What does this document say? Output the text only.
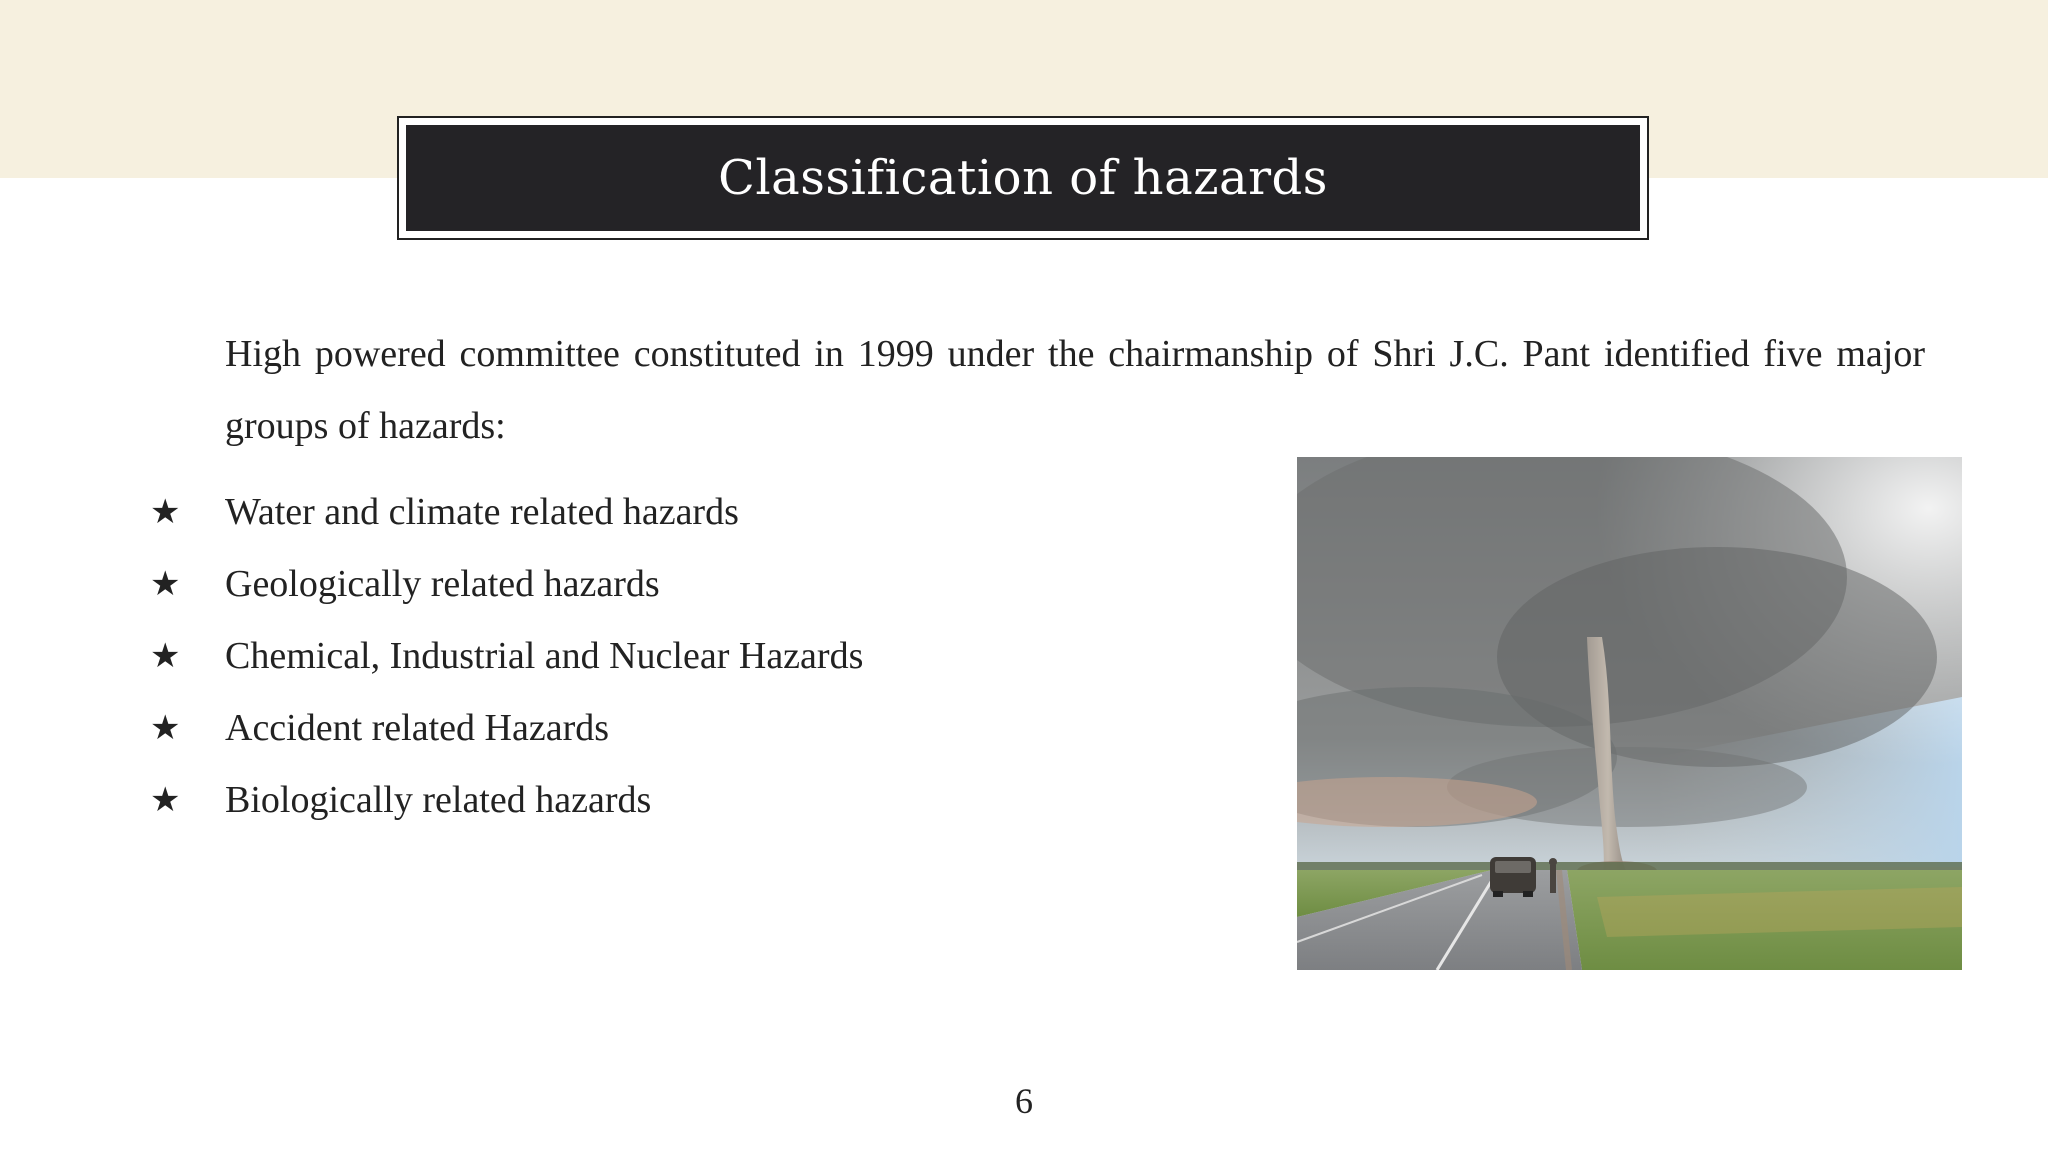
Classification of hazards

High powered committee constituted in 1999 under the chairmanship of Shri J.C. Pant identified five major groups of hazards:

★	Water and climate related hazards
★	Geologically related hazards
★	Chemical, Industrial and Nuclear Hazards
★	Accident related Hazards
★	Biologically related hazards
6
